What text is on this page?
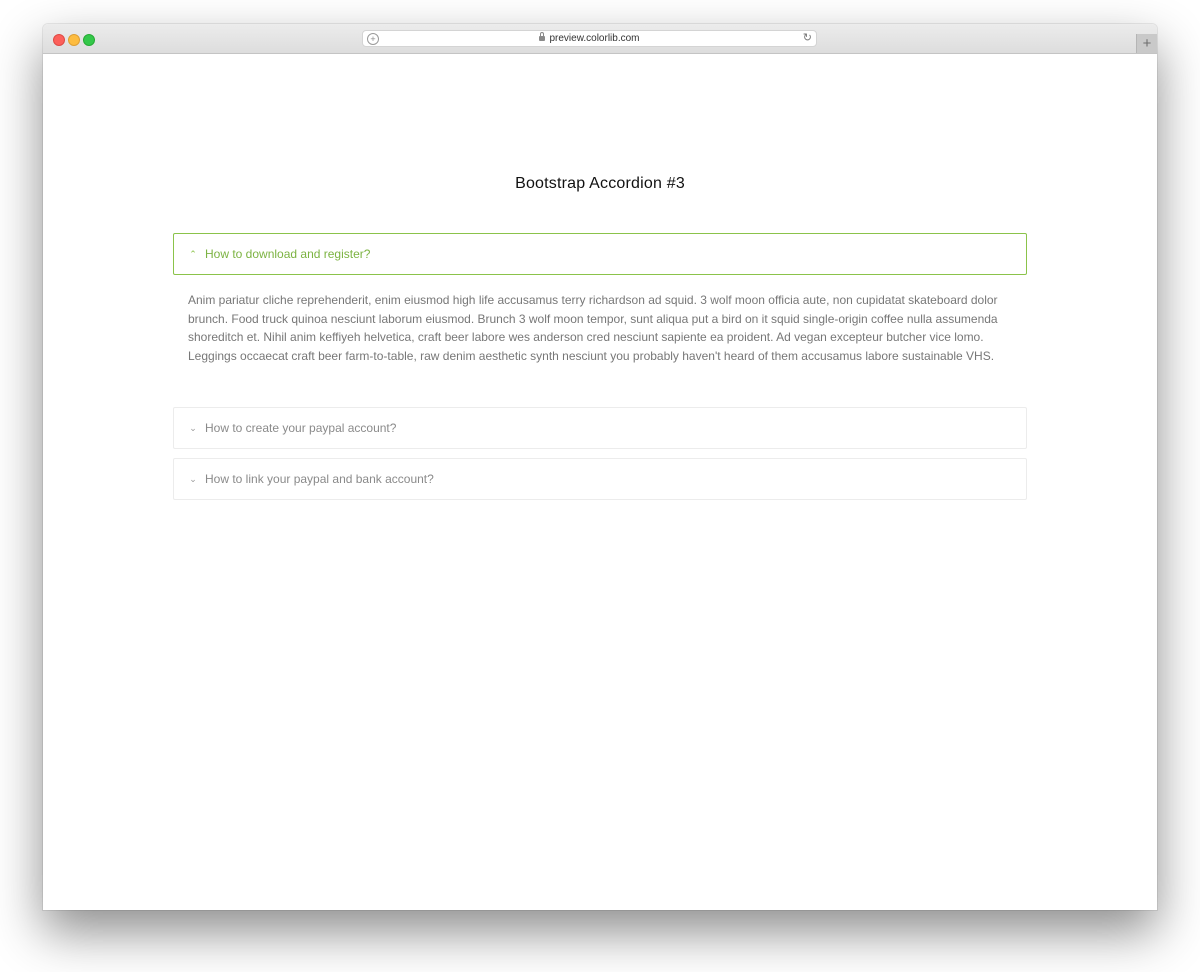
+	preview.colorlib.com	↻	+
Bootstrap Accordion #3
⌃ How to download and register?
Anim pariatur cliche reprehenderit, enim eiusmod high life accusamus terry richardson ad squid. 3 wolf moon officia aute, non cupidatat skateboard dolor brunch. Food truck quinoa nesciunt laborum eiusmod. Brunch 3 wolf moon tempor, sunt aliqua put a bird on it squid single-origin coffee nulla assumenda shoreditch et. Nihil anim keffiyeh helvetica, craft beer labore wes anderson cred nesciunt sapiente ea proident. Ad vegan excepteur butcher vice lomo. Leggings occaecat craft beer farm-to-table, raw denim aesthetic synth nesciunt you probably haven't heard of them accusamus labore sustainable VHS.
⌄ How to create your paypal account?
⌄ How to link your paypal and bank account?
